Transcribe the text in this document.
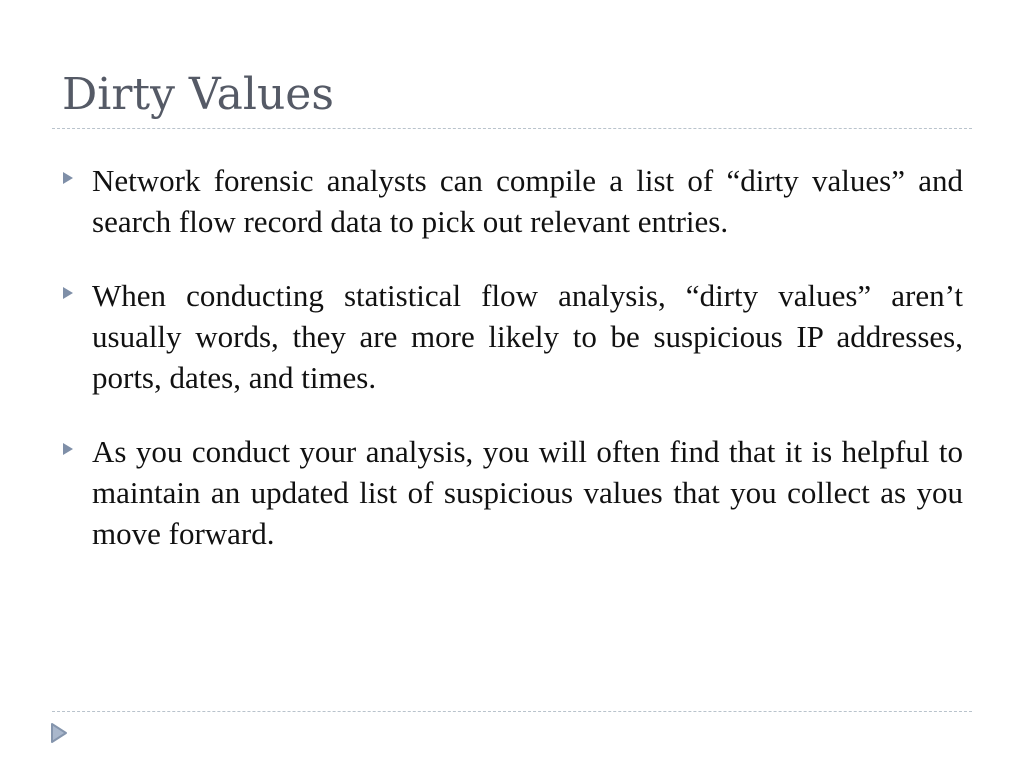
Dirty Values
Network forensic analysts can compile a list of “dirty values” and search flow record data to pick out relevant entries.
When conducting statistical flow analysis, “dirty values” aren’t usually words, they are more likely to be suspicious IP addresses, ports, dates, and times.
As you conduct your analysis, you will often find that it is helpful to maintain an updated list of suspicious values that you collect as you move forward.
